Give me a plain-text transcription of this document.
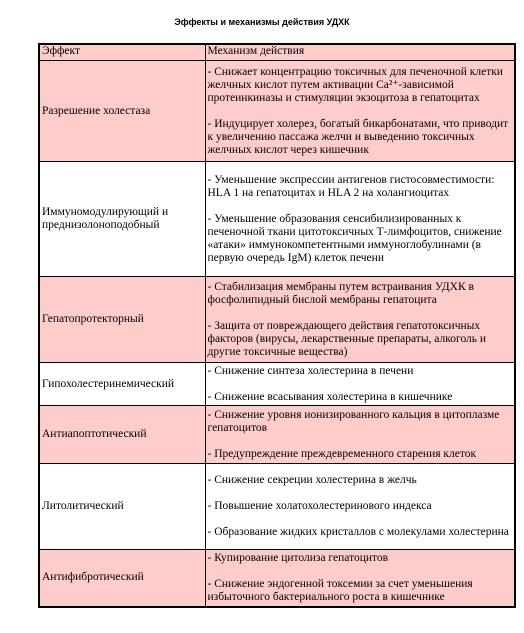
Эффекты и механизмы действия УДХК
Эффект	Механизм действия
Разрешение холестаза	- Снижает концентрацию токсичных для печеночной клетки желчных кислот путем активации Ca²⁺-зависимой протеинкиназы и стимуляции экзоцитоза в гепатоцитах
- Индуцирует холерез, богатый бикарбонатами, что приводит к увеличению пассажа желчи и выведению токсичных желчных кислот через кишечник

Иммуномодулирующий и преднизолоноподобный	- Уменьшение экспрессии антигенов гистосовместимости: HLA 1 на гепатоцитах и HLA 2 на холангиоцитах
- Уменьшение образования сенсибилизированных к печеночной ткани цитотоксичных Т-лимфоцитов, снижение «атаки» иммунокомпетентными иммуноглобулинами (в первую очередь IgM) клеток печени

Гепатопротекторный	- Стабилизация мембраны путем встраивания УДХК в фосфолипидный бислой мембраны гепатоцита
- Защита от повреждающего действия гепатотоксичных факторов (вирусы, лекарственные препараты, алкоголь и другие токсичные вещества)

Гипохолестеринемический	- Снижение синтеза холестерина в печени
- Снижение всасывания холестерина в кишечнике

Антиапоптотический	- Снижение уровня ионизированного кальция в цитоплазме гепатоцитов
- Предупреждение преждевременного старения клеток

Литолитический	- Снижение секреции холестерина в желчь
- Повышение холатохолестеринового индекса
- Образование жидких кристаллов с молекулами холестерина

Антифибротический	- Купирование цитолиза гепатоцитов
- Снижение эндогенной токсемии за счет уменьшения избыточного бактериального роста в кишечнике
